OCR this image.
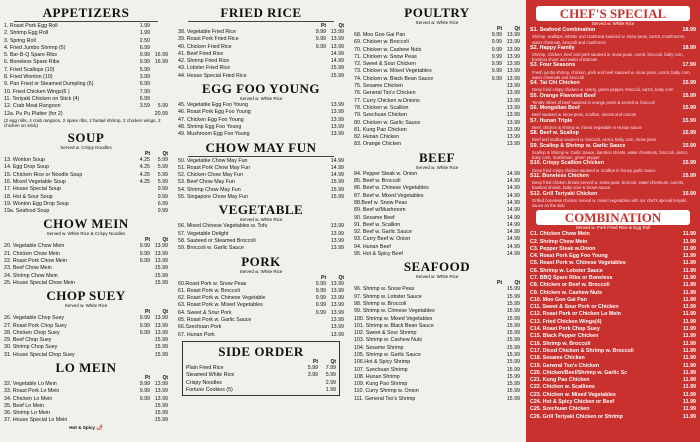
APPETIZERS
1. Roast Pork Egg Roll	1.99
2. Shrimp Egg Roll	1.99
3. Spring Roll	2.50
4. Fried Jumbo Shrimp (5)	6.99
5. Bar-B-Q Spare Ribs	9.99 16.99
6. Boneless Spare Ribs	9.99 16.99
7. Fried Scallops (10)	5.99
8. Fried Wonton (10)	3.99
9. Pan Fried or Steamed Dumpling (6)	6.99
10. Fried Chicken Wings(6 )	7.99
11. Teriyaki Chicken on Stick (4)	6.99
12. Crab Meat Rangoon	3.59	5.99
12a. Pu Pu Platter (for 2)	20.99
(2 egg rolls, 4 crab rangoon, 2 spare ribs, 2 fantail shrimp, 2 chicken wings, 2 chicken on stick)
SOUP
Served w. Crispy Noodles
Pt	Qt
13. Wonton Soup	4.25	5.99
14. Egg Drop Soup	4.25	5.99
15. Chicken Rice or Noodle Soup	4.25	5.99
16. Mixed Vegetable Soup	4.25	5.99
17. House Special Soup	9.99
18. Hot & Sour Soup	9.99
19. Wonton Egg Drop Soup	6.99
19a. Seafood Soup	9.99
CHOW MEIN
Served w. White Rice & Crispy Noodles
Pt	Qt
20. Vegetable Chow Mein	9.99 13.99
21. Chicken Chow Mein	9.99 13.99
22. Roast Pork Chow Mein	9.99 13.99
23. Beef Chow Mein	15.99
24. Shrimp Chow Mein	15.99
25. House Special Chow Mein	15.99
CHOP SUEY
Served w. White Rice
Pt	Qt
26. Vegetable Chop Suey	9.99 13.99
27. Roast Pork Chop Suey	9.99 13.99
28. Chicken Chop Suey	9.99 13.99
29. Beef Chop Suey	15.99
30. Shrimp Chop Suey	15.99
31. House Special Chop Suey	15.99
LO MEIN
Pt	Qt
32. Vegetable Lo Mein	9.99 13.99
33. Roast Pork Lo Mein	9.99 13.99
34. Chicken Lo Mein	9.99 13.99
35. Beef Lo Mein	15.99
36. Shrimp Lo Mein	15.99
37. House Special Lo Mein	15.99
Hot & Spicy 🌶
FRIED RICE
Pt	Qt
38. Vegetable Fried Rice	9.99 13.99
39. Roast Pork Fried Rice	9.99 13.99
40. Chicken Fried Rice	9.99 13.99
41. Beef Fried Rice	14.99
42. Shrimp Fried Rice	14.99
43. Lobster Fried Rice	15.99
44. House Special Fried Rice	15.99
EGG FOO YOUNG
Served w. White Rice
45. Vegetable Egg Foo Young	13.99
46. Roast Pork Egg Foo Young	13.99
47. Chicken Egg Foo Young	13.99
48. Shrimp Egg Foo Young	13.99
49. Mushroom Egg Foo Young	13.99
CHOW MAY FUN
50. Vegetable Chow May Fun	14.99
51. Roast Pork Chow May Fun	14.99
52. Chicken Chow May Fun	14.99
53. Beef Chow May Fun	15.99
54. Shrimp Chow May Fun	15.99
55. Singapore Chow May Fun	15.99
VEGETABLE
Served w. White Rice
56. Mixed Chinese Vegetables w. Tofu	13.99
57. Vegetable Delight	13.99
58. Sauteed or Steamed Broccoli	13.99
59. Broccoli w. Garlic Sauce	13.99
PORK
Served w. White Rice
Pt	Qt
60.Roast Pork w. Snow Peas	9.99 13.99
61. Roast Pork w. Broccoli	9.99 13.99
62. Roast Pork w. Chinese Vegetable	9.99 13.99
63. Roast Pork w. Mixed Vegetables	9.99 13.99
64. Sweet & Sour Pork	9.99 13.99
65. Roast Pork w. Garlic Sauce	13.99
66.Szechuan Pork	13.99
67. Hunan Pork	13.99
SIDE ORDER
Pt	Qt
Plain Fried Rice	5.99	7.99
Steamed White Rice	3.99	5.99
Crispy Noodles	2.99
Fortune Cookies (5)	1.99
POULTRY
Served w. White Rice
Pt	Qt
68. Moo Goo Gai Pan	9.99 13.99
69. Chicken w. Broccoli	9.99 13.99
70. Chicken w. Cashew Nuts	9.99 13.99
71. Chicken w. Snow Peas	9.99 13.99
72. Sweet & Sour Chicken	9.99 13.99
73. Chicken w. Mixed Vegetables	9.99 13.99
74. Chicken w. Black Bean Sauce	9.99 13.99
75. Sesame Chicken	13.99
76. General Tso's Chicken	13.99
77. Curry Chicken w.Onions	13.99
78. Chicken w. Scallion	13.99
79. Szechuan Chicken	13.99
80. Chicken w. Garlic Sauce	13.99
81. Kung Pao Chicken	13.99
82. Hunan Chicken	13.99
83. Orange Chicken	13.99
BEEF
Served w. White Rice
84. Pepper Steak w. Onion	14.99
85. Beef w. Broccoli	14.99
86. Beef w. Chinese Vegetables	14.99
87. Beef w. Mixed Vegetables	14.99
88.Beef w. Snow Peas	14.99
89. Beef w/Mushroom	14.99
90. Sesame Beef	14.99
91. Beef w. Scallion	14.99
92. Beef w. Garlic Sauce	14.99
93. Curry Beef w. Onion	14.99
94. Hunan Beef	14.99
95. Hot & Spicy Beef	14.99
SEAFOOD
Served w. White Rice
Pt	Qt
96. Shrimp w. Snow Peas	15.99
97. Shrimp w. Lobster Sauce	15.99
98. Shrimp w. Broccoli	15.99
99. Shrimp w. Chinese Vegetables	15.99
100. Shrimp w. Mixed Vegetables	15.99
101. Shrimp w. Black Bean Sauce	15.99
102. Sweet & Sour Shrimp	15.99
103. Shrimp w. Cashew Nuts	15.99
104. Sesame Shrimp	15.99
105. Shrimp w. Garlic Sauce	15.99
106.Hot & Spicy Shrimp	15.99
107. Szechuan Shrimp	15.99
108. Hunan Shrimp	15.99
109. Kung Pao Shrimp	15.99
110. Curry Shrimp w. Onion	15.99
111. General Tso's Shrimp	15.99
CHEF'S SPECIAL
Served w. White Rice
S1. Seafood Combination	18.99
Shrimp, scallops, lobster and crabmeat sauteed w. snow peas, carrot, mushrooms, water chesnuts, broccoli and mushroom
S2. Happy Family	18.99
Shrimp, chicken, beef and pork sauteed w. snow peas, carrot, broccoli, baby corn, bamboo shoot and water chestnuts
S3. Four Seasons	17.99
Fresh jumbo shrimp, chicken, pork and beef sauteed w. snow peas, carrot, baby corn, water chesnuts and broccoli
S4. Tai Chi Chicken	15.99
Deep fried crispy chicken w. celery, green pepper, broccoli, carrot, baby corn
S5. Orange Flavored Beef	15.99
Tender slices of beef sauteed in orange peels & served w. broccoli
S6. Mongolian Beef	15.99
Beef sauteed w. snow peas, scallion, onions and carrots
S7. Hunan Triple	15.99
Beef, chicken & shrimp w. mixed vegetable in Hunan sauce
S8. Beef w. Scallop	15.99
Beef and scallop sauteed w. broccoli, carrot, baby corn, snow peas
S9. Scallop & Shrimp w. Garlic Sauce	15.99
Scallop & Shrimp w. Garlic Sauce, bamboo shoots, water chestnuts, broccoli, carrot, baby corn, mushroom, green pepper
S10. Crispy Scallion Chicken	15.99
Deep fried crispy chicken sauteed w. scallion in honey garlic sauce
S11. Boneless Chicken	15.99
Deep fried chicken breast served w. snow peas, broccoli, water chestnuts, carrots, bamboo shoots, baby corn & brown sauce
S12. Grill Teriyaki Chicken	15.99
Grilled boneless chicken served w. mixed vegetables with our chef's special teriyaki sauce on the side
COMBINATION
Served w. Pork Fried Rice & Egg Roll
C1. Chicken Chow Mein	11.99
C2. Shrimp Chow Mein	11.99
C3. Pepper Steak w.Onion	11.99
C4. Roast Pork Egg Foo Young	11.99
C5. Roast Pork w. Chinese Vegetables	11.99
C6. Shrimp w. Lobster Sauce	11.99
C7. BBQ Spare Ribs or Boneless	11.99
C8. Chicken or Beef w. Broccoli	11.99
C9. Chicken w. Cashew Nuts	11.99
C10. Moo Goo Gai Pan	11.99
C11. Sweet & Sour Pork or Chicken	11.99
C12. Roast Pork or Chicken Lo Mein	11.99
C13. Fried Chicken Wings(4)	11.99
C14. Roast Pork Chop Suey	11.99
C15. Black Pepper Chicken	11.99
C16. Shrimp w. Broccoli	11.99
C17. Diced Chicken & Shrimp w. Broccoli	11.99
C18. Sesame Chicken	11.99
C19. General Tso's Chicken	11.99
C20. Chicken/Beef/Shrimp w. Garlic Sc	11.99
C21. Kung Pao Chicken	11.99
C22. Chicken w. Scallions	11.99
C23. Chicken w. Mixed Vegetables	11.99
C24. Hot & Spicy Chicken or Beef	11.99
C25. Szechuan Chicken	11.99
C26. Grill Teriyaki Chicken or Shrimp	11.99
